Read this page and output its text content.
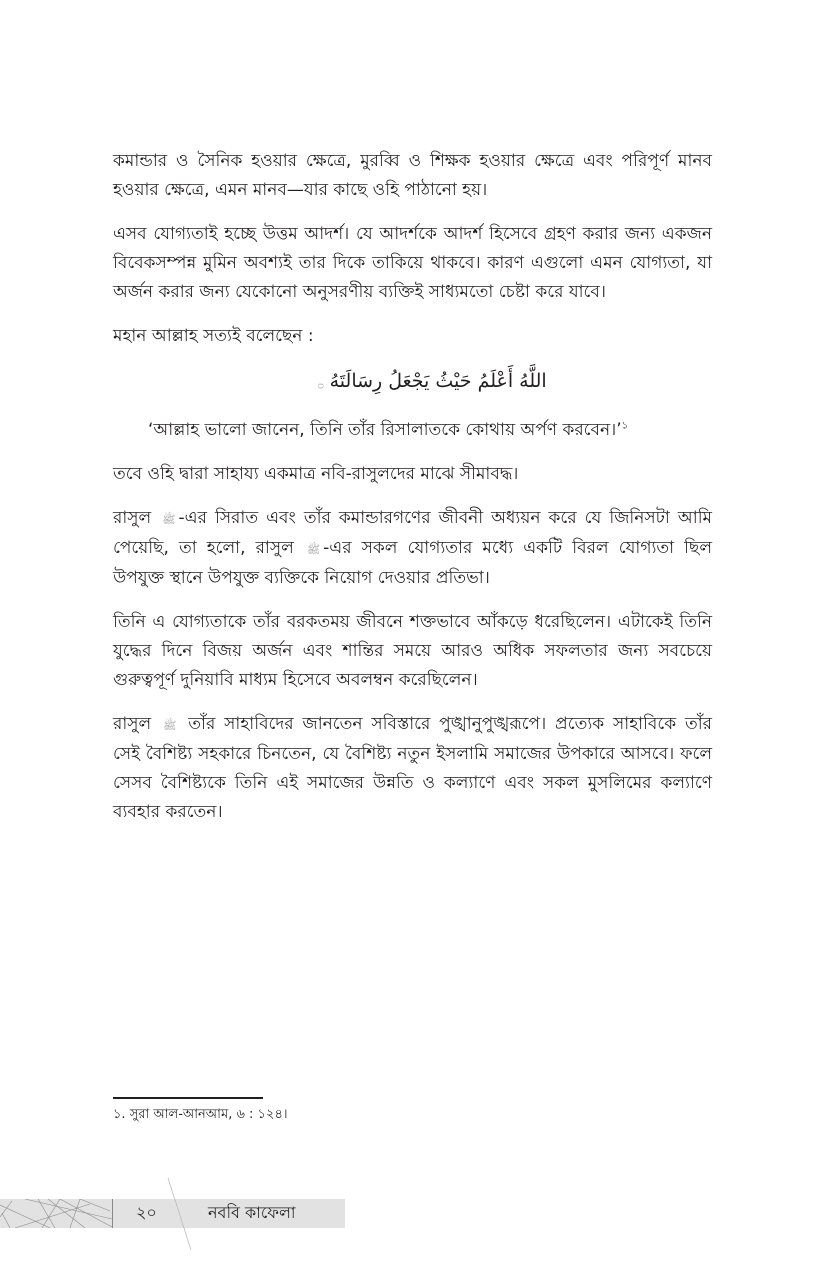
কমান্ডার ও সৈনিক হওয়ার ক্ষেত্রে, মুরব্বি ও শিক্ষক হওয়ার ক্ষেত্রে এবং পরিপূর্ণ মানব হওয়ার ক্ষেত্রে, এমন মানব—যার কাছে ওহি পাঠানো হয়।

এসব যোগ্যতাই হচ্ছে উত্তম আদর্শ। যে আদর্শকে আদর্শ হিসেবে গ্রহণ করার জন্য একজন বিবেকসম্পন্ন মুমিন অবশ্যই তার দিকে তাকিয়ে থাকবে। কারণ এগুলো এমন যোগ্যতা, যা অর্জন করার জন্য যেকোনো অনুসরণীয় ব্যক্তিই সাধ্যমতো চেষ্টা করে যাবে।

মহান আল্লাহ সত্যই বলেছেন :

اللَّهُ أَعْلَمُ حَيْثُ يَجْعَلُ رِسَالَتَهُ ۝

‘আল্লাহ ভালো জানেন, তিনি তাঁর রিসালাতকে কোথায় অর্পণ করবেন।’$^১$

তবে ওহি দ্বারা সাহায্য একমাত্র নবি-রাসুলদের মাঝে সীমাবদ্ধ।

রাসুল ﷺ -এর সিরাত এবং তাঁর কমান্ডারগণের জীবনী অধ্যয়ন করে যে জিনিসটা আমি পেয়েছি, তা হলো, রাসুল ﷺ -এর সকল যোগ্যতার মধ্যে একটি বিরল যোগ্যতা ছিল উপযুক্ত স্থানে উপযুক্ত ব্যক্তিকে নিয়োগ দেওয়ার প্রতিভা।

তিনি এ যোগ্যতাকে তাঁর বরকতময় জীবনে শক্তভাবে আঁকড়ে ধরেছিলেন। এটাকেই তিনি যুদ্ধের দিনে বিজয় অর্জন এবং শান্তির সময়ে আরও অধিক সফলতার জন্য সবচেয়ে গুরুত্বপূর্ণ দুনিয়াবি মাধ্যম হিসেবে অবলম্বন করেছিলেন।

রাসুল ﷺ তাঁর সাহাবিদের জানতেন সবিস্তারে পুঙ্খানুপুঙ্খরূপে। প্রত্যেক সাহাবিকে তাঁর সেই বৈশিষ্ট্য সহকারে চিনতেন, যে বৈশিষ্ট্য নতুন ইসলামি সমাজের উপকারে আসবে। ফলে সেসব বৈশিষ্ট্যকে তিনি এই সমাজের উন্নতি ও কল্যাণে এবং সকল মুসলিমের কল্যাণে ব্যবহার করতেন।

১. সুরা আল-আনআম, ৬ : ১২৪।
২০	নববি কাফেলা
